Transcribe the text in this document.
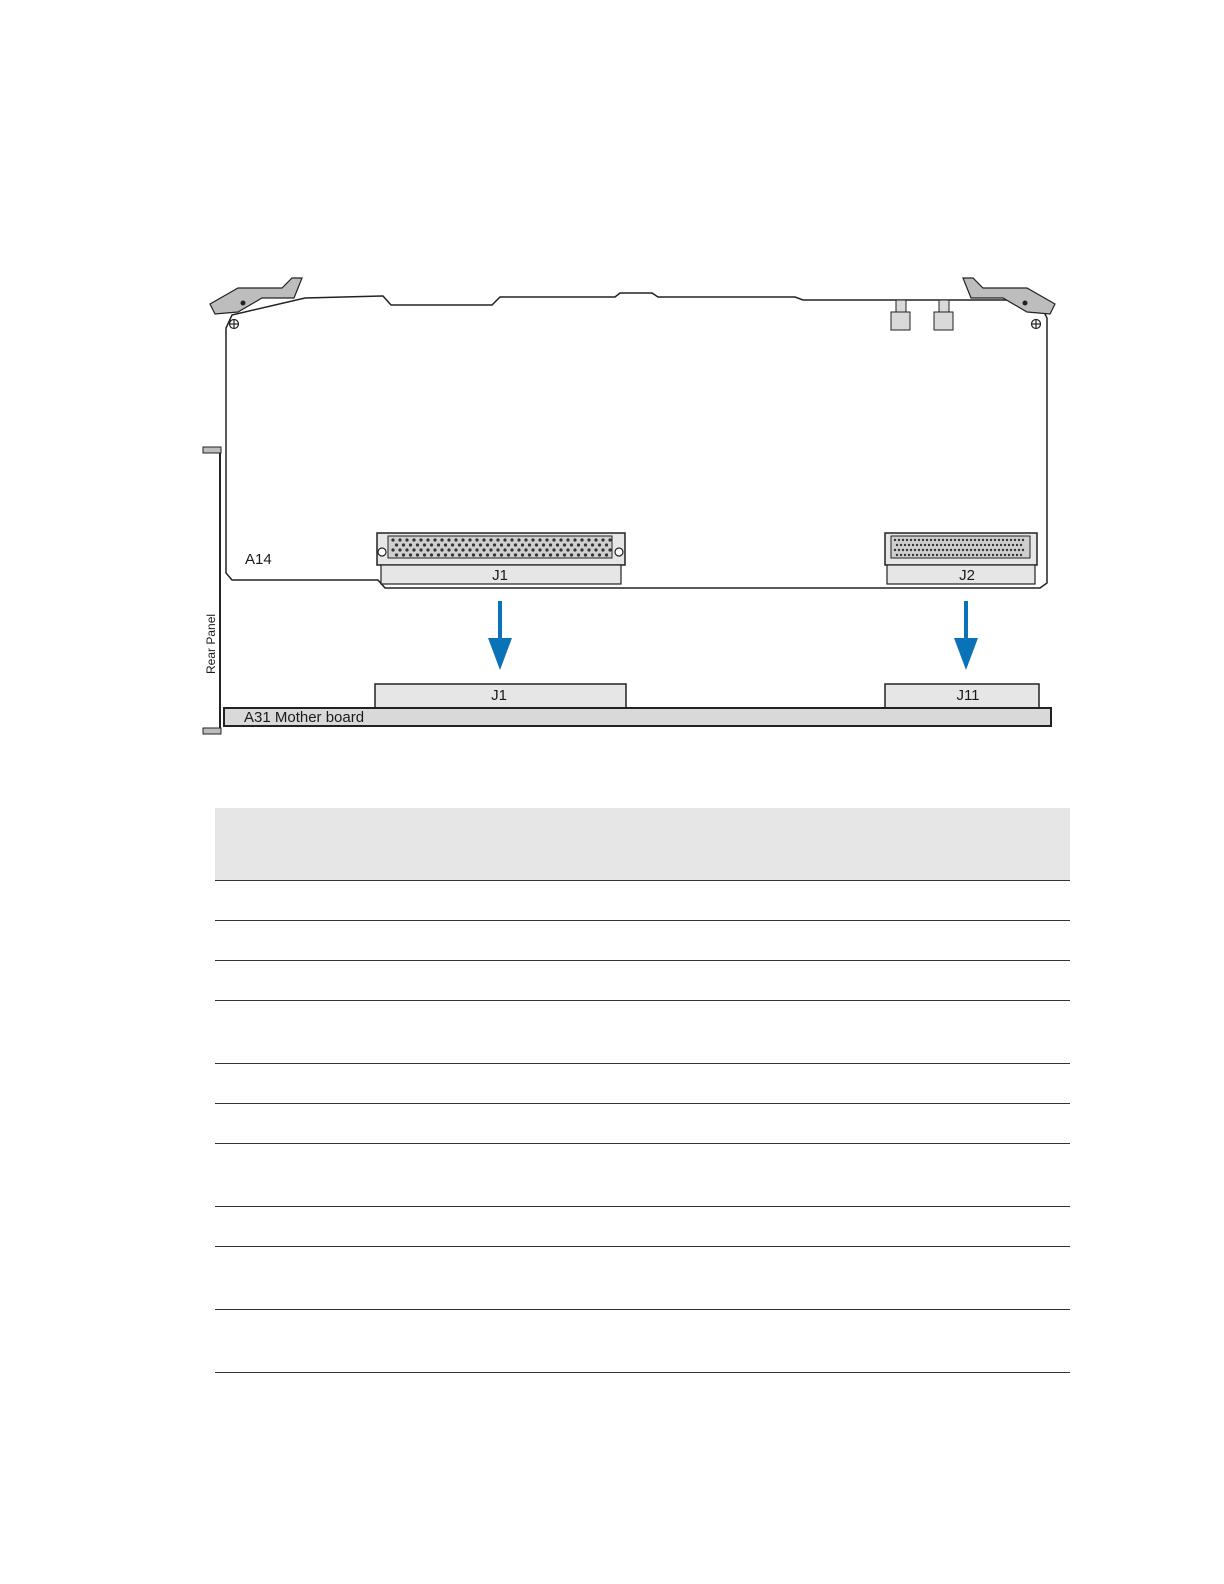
Rear Panel
A14
J1	J2
J1	J11
A31 Mother board
